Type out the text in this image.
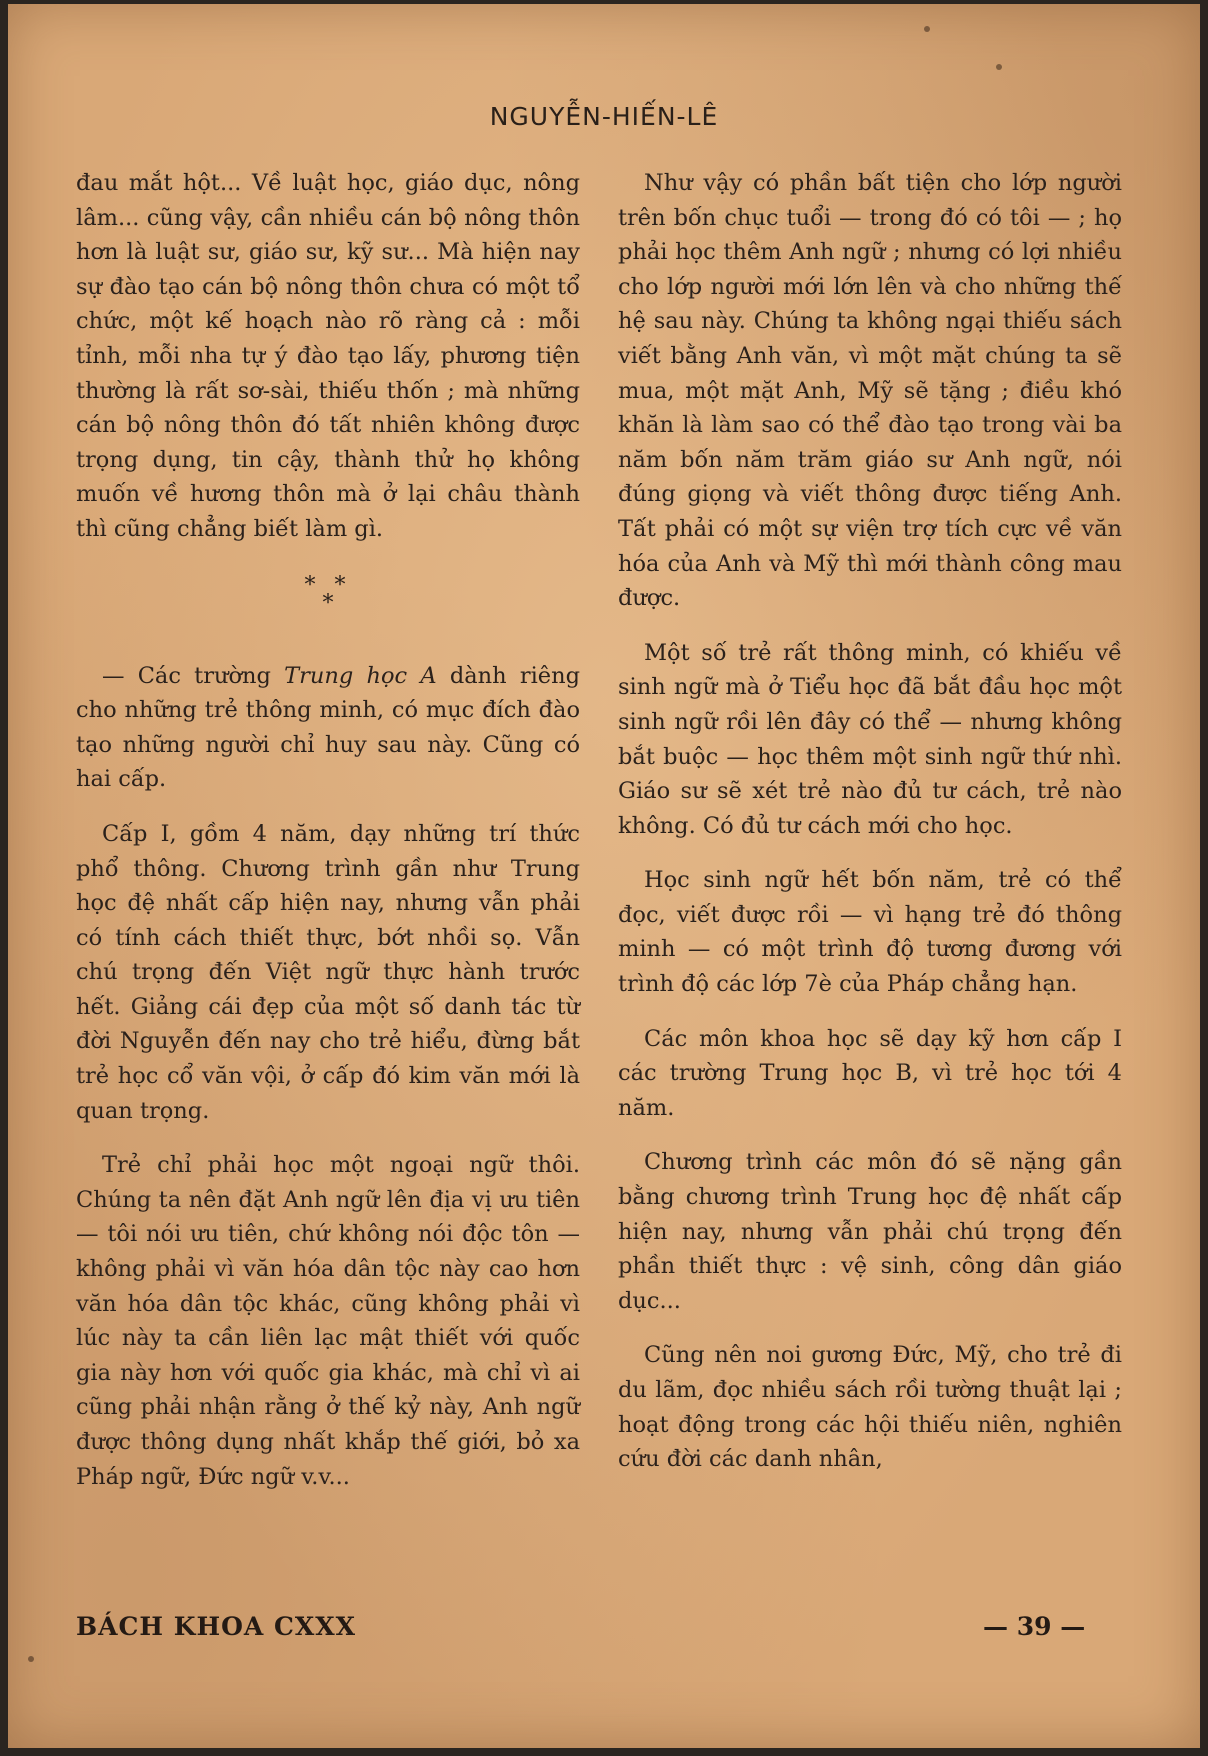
NGUYỄN-HIẾN-LÊ

đau mắt hột... Về luật học, giáo dục, nông lâm... cũng vậy, cần nhiều cán bộ nông thôn hơn là luật sư, giáo sư, kỹ sư... Mà hiện nay sự đào tạo cán bộ nông thôn chưa có một tổ chức, một kế hoạch nào rõ ràng cả : mỗi tỉnh, mỗi nha tự ý đào tạo lấy, phương tiện thường là rất sơ-sài, thiếu thốn ; mà những cán bộ nông thôn đó tất nhiên không được trọng dụng, tin cậy, thành thử họ không muốn về hương thôn mà ở lại châu thành thì cũng chẳng biết làm gì.

* *
*

— Các trường Trung học A dành riêng cho những trẻ thông minh, có mục đích đào tạo những người chỉ huy sau này. Cũng có hai cấp.

Cấp I, gồm 4 năm, dạy những trí thức phổ thông. Chương trình gần như Trung học đệ nhất cấp hiện nay, nhưng vẫn phải có tính cách thiết thực, bớt nhồi sọ. Vẫn chú trọng đến Việt ngữ thực hành trước hết. Giảng cái đẹp của một số danh tác từ đời Nguyễn đến nay cho trẻ hiểu, đừng bắt trẻ học cổ văn vội, ở cấp đó kim văn mới là quan trọng.

Trẻ chỉ phải học một ngoại ngữ thôi. Chúng ta nên đặt Anh ngữ lên địa vị ưu tiên — tôi nói ưu tiên, chứ không nói độc tôn — không phải vì văn hóa dân tộc này cao hơn văn hóa dân tộc khác, cũng không phải vì lúc này ta cần liên lạc mật thiết với quốc gia này hơn với quốc gia khác, mà chỉ vì ai cũng phải nhận rằng ở thế kỷ này, Anh ngữ được thông dụng nhất khắp thế giới, bỏ xa Pháp ngữ, Đức ngữ v.v...

Như vậy có phần bất tiện cho lớp người trên bốn chục tuổi — trong đó có tôi — ; họ phải học thêm Anh ngữ ; nhưng có lợi nhiều cho lớp người mới lớn lên và cho những thế hệ sau này. Chúng ta không ngại thiếu sách viết bằng Anh văn, vì một mặt chúng ta sẽ mua, một mặt Anh, Mỹ sẽ tặng ; điều khó khăn là làm sao có thể đào tạo trong vài ba năm bốn năm trăm giáo sư Anh ngữ, nói đúng giọng và viết thông được tiếng Anh. Tất phải có một sự viện trợ tích cực về văn hóa của Anh và Mỹ thì mới thành công mau được.

Một số trẻ rất thông minh, có khiếu về sinh ngữ mà ở Tiểu học đã bắt đầu học một sinh ngữ rồi lên đây có thể — nhưng không bắt buộc — học thêm một sinh ngữ thứ nhì. Giáo sư sẽ xét trẻ nào đủ tư cách, trẻ nào không. Có đủ tư cách mới cho học.

Học sinh ngữ hết bốn năm, trẻ có thể đọc, viết được rồi — vì hạng trẻ đó thông minh — có một trình độ tương đương với trình độ các lớp 7è của Pháp chẳng hạn.

Các môn khoa học sẽ dạy kỹ hơn cấp I các trường Trung học B, vì trẻ học tới 4 năm.

Chương trình các môn đó sẽ nặng gần bằng chương trình Trung học đệ nhất cấp hiện nay, nhưng vẫn phải chú trọng đến phần thiết thực : vệ sinh, công dân giáo dục...

Cũng nên noi gương Đức, Mỹ, cho trẻ đi du lãm, đọc nhiều sách rồi tường thuật lại ; hoạt động trong các hội thiếu niên, nghiên cứu đời các danh nhân,

BÁCH KHOA CXXX	— 39 —
